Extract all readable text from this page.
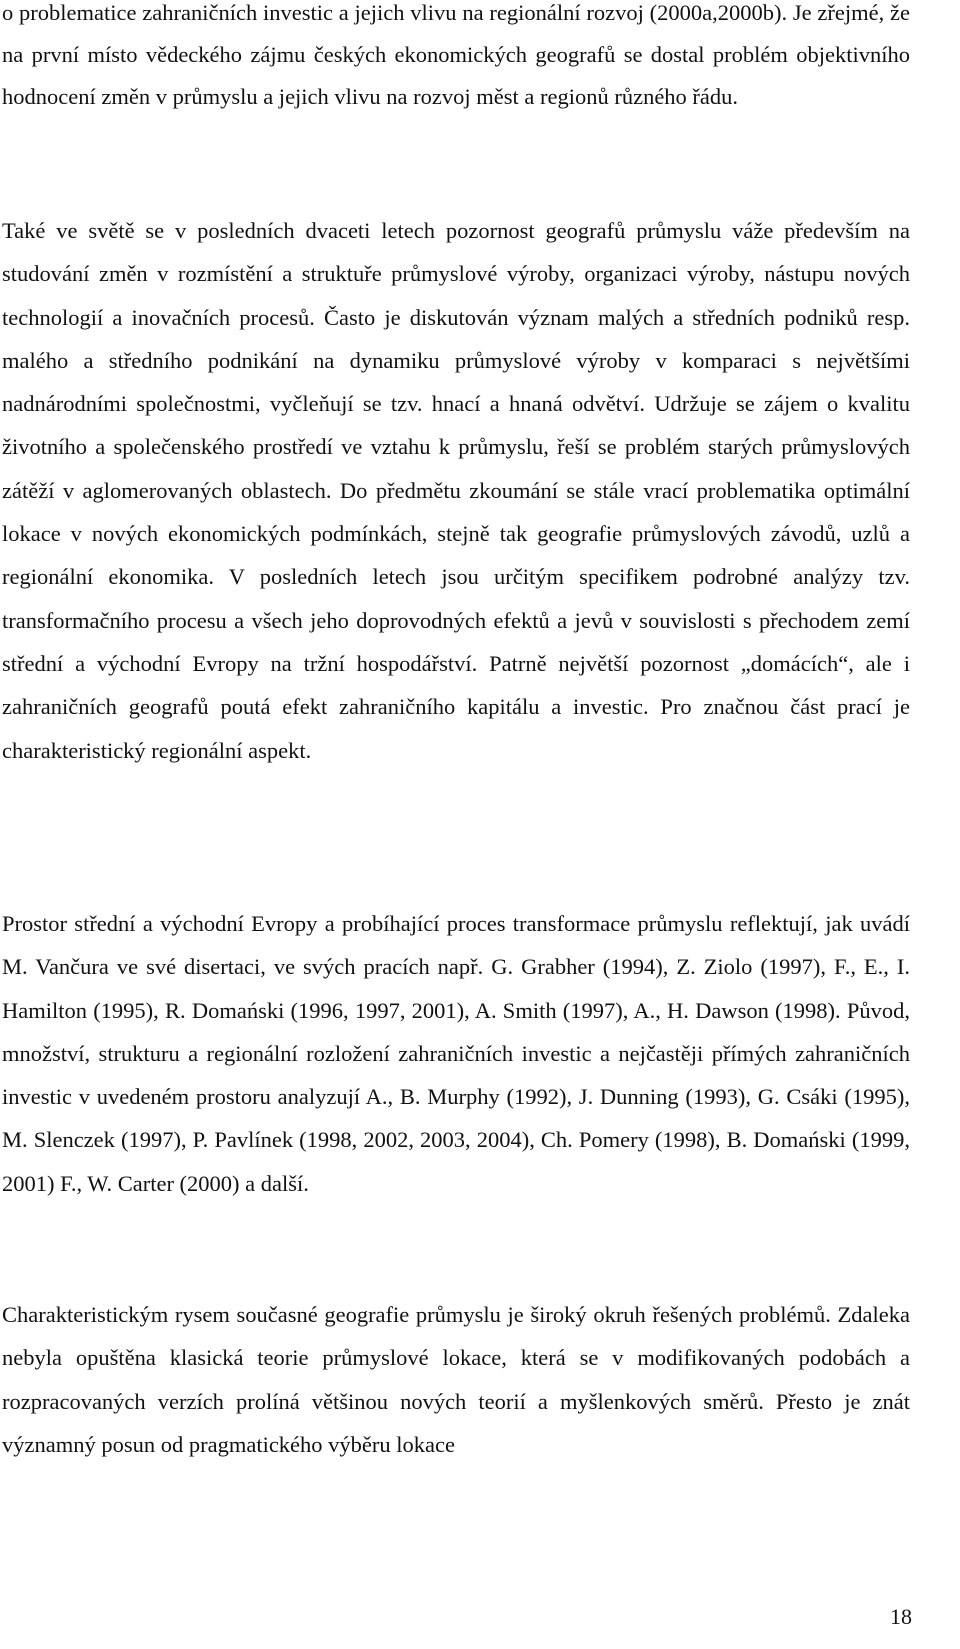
o problematice zahraničních investic a jejich vlivu na regionální rozvoj (2000a,2000b). Je zřejmé, že na první místo vědeckého zájmu českých ekonomických geografů se dostal problém objektivního hodnocení změn v průmyslu a jejich vlivu na rozvoj měst a regionů různého řádu.

Také ve světě se v posledních dvaceti letech pozornost geografů průmyslu váže především na studování změn v rozmístění a struktuře průmyslové výroby, organizaci výroby, nástupu nových technologií a inovačních procesů. Často je diskutován význam malých a středních podniků resp. malého a středního podnikání na dynamiku průmyslové výroby v komparaci s největšími nadnárodními společnostmi, vyčleňují se tzv. hnací a hnaná odvětví. Udržuje se zájem o kvalitu životního a společenského prostředí ve vztahu k průmyslu, řeší se problém starých průmyslových zátěží v aglomerovaných oblastech. Do předmětu zkoumání se stále vrací problematika optimální lokace v nových ekonomických podmínkách, stejně tak geografie průmyslových závodů, uzlů a regionální ekonomika. V posledních letech jsou určitým specifikem podrobné analýzy tzv. transformačního procesu a všech jeho doprovodných efektů a jevů v souvislosti s přechodem zemí střední a východní Evropy na tržní hospodářství. Patrně největší pozornost „domácích“, ale i zahraničních geografů poutá efekt zahraničního kapitálu a investic. Pro značnou část prací je charakteristický regionální aspekt.

Prostor střední a východní Evropy a probíhající proces transformace průmyslu reflektují, jak uvádí M. Vančura ve své disertaci, ve svých pracích např. G. Grabher (1994), Z. Ziolo (1997), F., E., I. Hamilton (1995), R. Domański (1996, 1997, 2001), A. Smith (1997), A., H. Dawson (1998). Původ, množství, strukturu a regionální rozložení zahraničních investic a nejčastěji přímých zahraničních investic v uvedeném prostoru analyzují A., B. Murphy (1992), J. Dunning (1993), G. Csáki (1995), M. Slenczek (1997), P. Pavlínek (1998, 2002, 2003, 2004), Ch. Pomery (1998), B. Domański (1999, 2001) F., W. Carter (2000) a další.

Charakteristickým rysem současné geografie průmyslu je široký okruh řešených problémů. Zdaleka nebyla opuštěna klasická teorie průmyslové lokace, která se v modifikovaných podobách a rozpracovaných verzích prolíná většinou nových teorií a myšlenkových směrů. Přesto je znát významný posun od pragmatického výběru lokace

18
